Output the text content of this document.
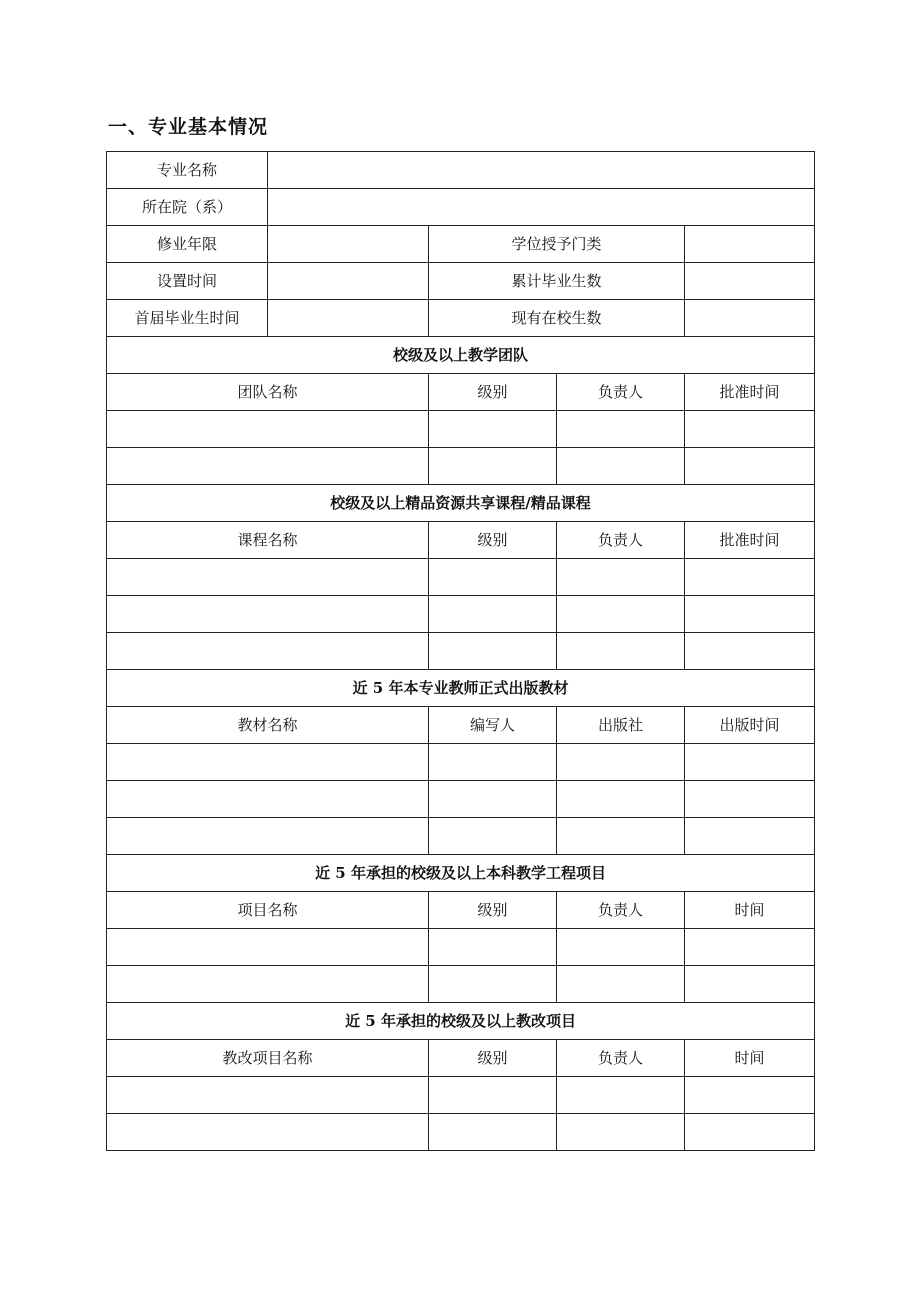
一、专业基本情况
专业名称				
所在院（系）				
修业年限		学位授予门类		
设置时间		累计毕业生数		
首届毕业生时间		现有在校生数		
校级及以上教学团队				
团队名称		级别	负责人	批准时间

校级及以上精品资源共享课程/精品课程				
课程名称		级别	负责人	批准时间

近 5 年本专业教师正式出版教材				
教材名称		编写人	出版社	出版时间

近 5 年承担的校级及以上本科教学工程项目				
项目名称		级别	负责人	时间

近 5 年承担的校级及以上教改项目				
教改项目名称		级别	负责人	时间
